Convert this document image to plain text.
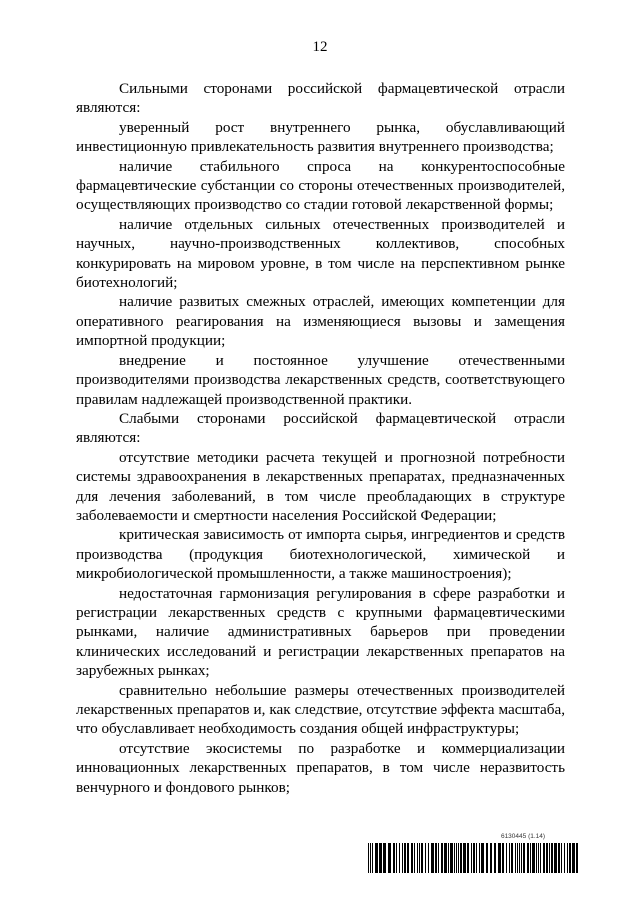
12

Сильными сторонами российской фармацевтической отрасли являются:

уверенный рост внутреннего рынка, обуславливающий инвестиционную привлекательность развития внутреннего производства;

наличие стабильного спроса на конкурентоспособные фармацевтические субстанции со стороны отечественных производителей, осуществляющих производство со стадии готовой лекарственной формы;

наличие отдельных сильных отечественных производителей и научных, научно-производственных коллективов, способных конкурировать на мировом уровне, в том числе на перспективном рынке биотехнологий;

наличие развитых смежных отраслей, имеющих компетенции для оперативного реагирования на изменяющиеся вызовы и замещения импортной продукции;

внедрение и постоянное улучшение отечественными производителями производства лекарственных средств, соответствующего правилам надлежащей производственной практики.

Слабыми сторонами российской фармацевтической отрасли являются:

отсутствие методики расчета текущей и прогнозной потребности системы здравоохранения в лекарственных препаратах, предназначенных для лечения заболеваний, в том числе преобладающих в структуре заболеваемости и смертности населения Российской Федерации;

критическая зависимость от импорта сырья, ингредиентов и средств производства (продукция биотехнологической, химической и микробиологической промышленности, а также машиностроения);

недостаточная гармонизация регулирования в сфере разработки и регистрации лекарственных средств с крупными фармацевтическими рынками, наличие административных барьеров при проведении клинических исследований и регистрации лекарственных препаратов на зарубежных рынках;

сравнительно небольшие размеры отечественных производителей лекарственных препаратов и, как следствие, отсутствие эффекта масштаба, что обуславливает необходимость создания общей инфраструктуры;

отсутствие экосистемы по разработке и коммерциализации инновационных лекарственных препаратов, в том числе неразвитость венчурного и фондового рынков;

6130445 (1.14)
